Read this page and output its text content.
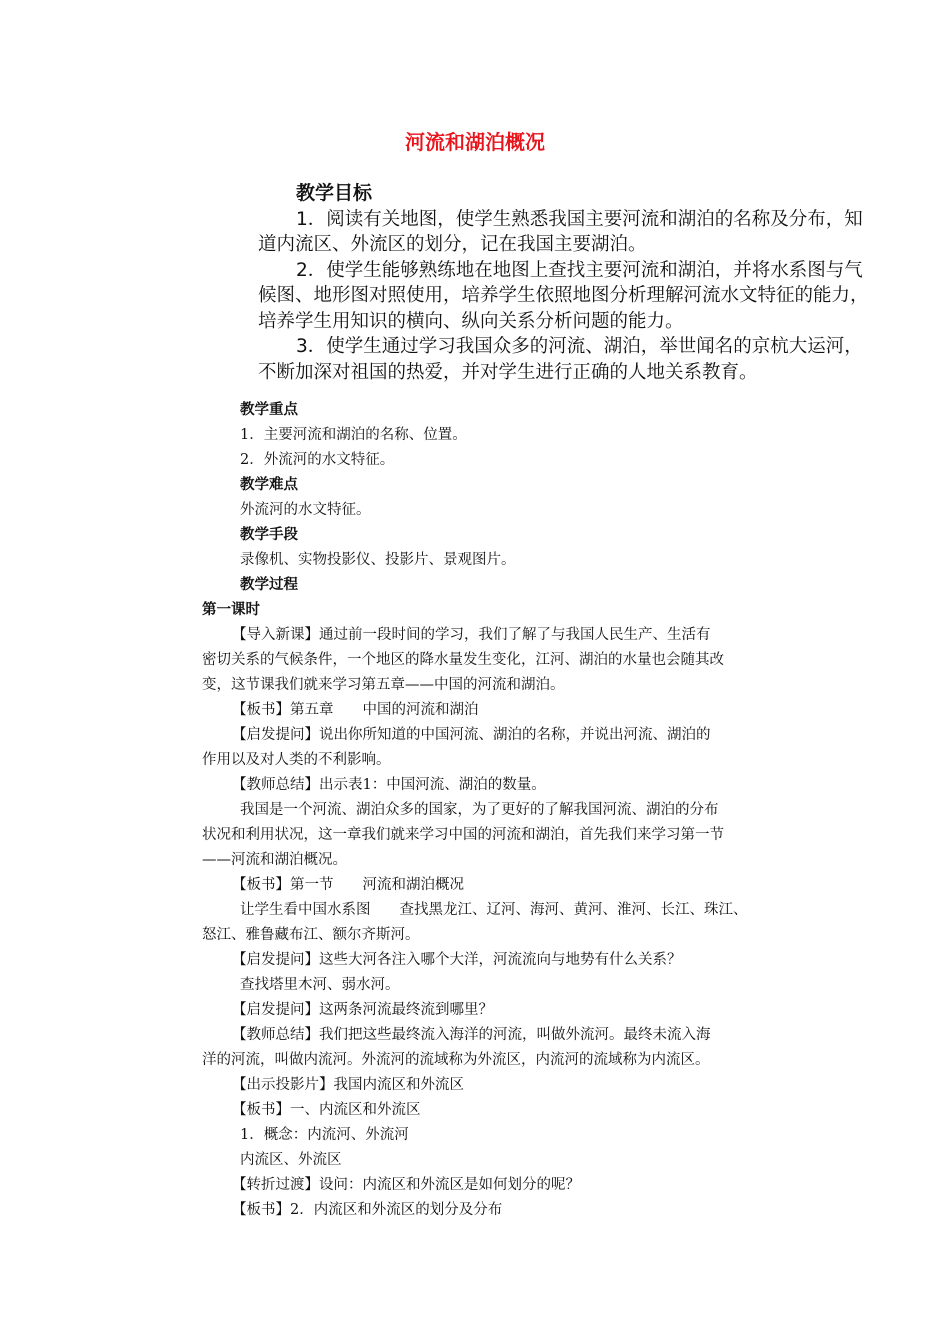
河流和湖泊概况
教学目标

1．阅读有关地图，使学生熟悉我国主要河流和湖泊的名称及分布，知道内流区、外流区的划分，记在我国主要湖泊。

2．使学生能够熟练地在地图上查找主要河流和湖泊，并将水系图与气候图、地形图对照使用，培养学生依照地图分析理解河流水文特征的能力，培养学生用知识的横向、纵向关系分析问题的能力。

3．使学生通过学习我国众多的河流、湖泊，举世闻名的京杭大运河，不断加深对祖国的热爱，并对学生进行正确的人地关系教育。

教学重点
1．主要河流和湖泊的名称、位置。
2．外流河的水文特征。
教学难点
外流河的水文特征。
教学手段
录像机、实物投影仪、投影片、景观图片。
教学过程
第一课时
【导入新课】通过前一段时间的学习，我们了解了与我国人民生产、生活有
密切关系的气候条件，一个地区的降水量发生变化，江河、湖泊的水量也会随其改
变，这节课我们就来学习第五章——中国的河流和湖泊。
【板书】第五章　　中国的河流和湖泊
【启发提问】说出你所知道的中国河流、湖泊的名称，并说出河流、湖泊的
作用以及对人类的不利影响。
【教师总结】出示表1：中国河流、湖泊的数量。
我国是一个河流、湖泊众多的国家，为了更好的了解我国河流、湖泊的分布
状况和利用状况，这一章我们就来学习中国的河流和湖泊，首先我们来学习第一节
——河流和湖泊概况。
【板书】第一节　　河流和湖泊概况
让学生看中国水系图　　查找黑龙江、辽河、海河、黄河、淮河、长江、珠江、
怒江、雅鲁藏布江、额尔齐斯河。
【启发提问】这些大河各注入哪个大洋，河流流向与地势有什么关系？
查找塔里木河、弱水河。
【启发提问】这两条河流最终流到哪里？
【教师总结】我们把这些最终流入海洋的河流，叫做外流河。最终未流入海
洋的河流，叫做内流河。外流河的流域称为外流区，内流河的流域称为内流区。
【出示投影片】我国内流区和外流区
【板书】一、内流区和外流区
1．概念：内流河、外流河
内流区、外流区
【转折过渡】设问：内流区和外流区是如何划分的呢？
【板书】2．内流区和外流区的划分及分布
